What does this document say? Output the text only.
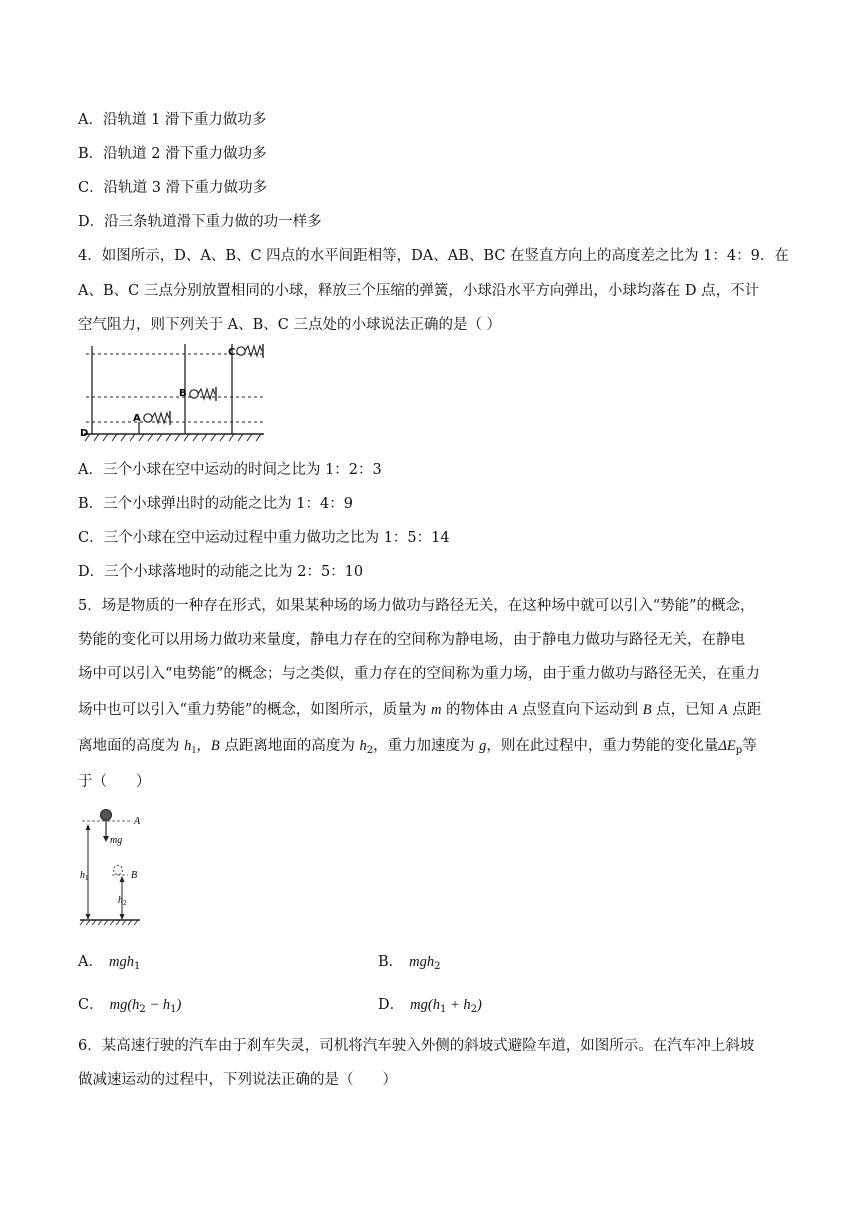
A．沿轨道 1 滑下重力做功多
B．沿轨道 2 滑下重力做功多
C．沿轨道 3 滑下重力做功多
D．沿三条轨道滑下重力做的功一样多
4．如图所示，D、A、B、C 四点的水平间距相等，DA、AB、BC 在竖直方向上的高度差之比为 1：4：9．在
A、B、C 三点分别放置相同的小球，释放三个压缩的弹簧，小球沿水平方向弹出，小球均落在 D 点，不计
空气阻力，则下列关于 A、B、C 三点处的小球说法正确的是（ ）
C
B
A
D
A．三个小球在空中运动的时间之比为 1：2：3
B．三个小球弹出时的动能之比为 1：4：9
C．三个小球在空中运动过程中重力做功之比为 1：5：14
D．三个小球落地时的动能之比为 2：5：10
5．场是物质的一种存在形式，如果某种场的场力做功与路径无关，在这种场中就可以引入“势能”的概念，
势能的变化可以用场力做功来量度，静电力存在的空间称为静电场，由于静电力做功与路径无关，在静电
场中可以引入“电势能”的概念；与之类似，重力存在的空间称为重力场，由于重力做功与路径无关，在重力
场中也可以引入“重力势能”的概念，如图所示，质量为 m 的物体由 A 点竖直向下运动到 B 点，已知 A 点距
离地面的高度为 $h_1$，B 点距离地面的高度为 $h_2$，重力加速度为 g，则在此过程中，重力势能的变化量$\Delta E_p$等
于（　　）
A
mg
B
$h_1$
$h_2$
A． mgh$_1$	B． mgh$_2$
C． $mg(h_2 - h_1)$	D． $mg(h_1 + h_2)$
6．某高速行驶的汽车由于刹车失灵，司机将汽车驶入外侧的斜坡式避险车道，如图所示。在汽车冲上斜坡
做减速运动的过程中，下列说法正确的是（　　）
